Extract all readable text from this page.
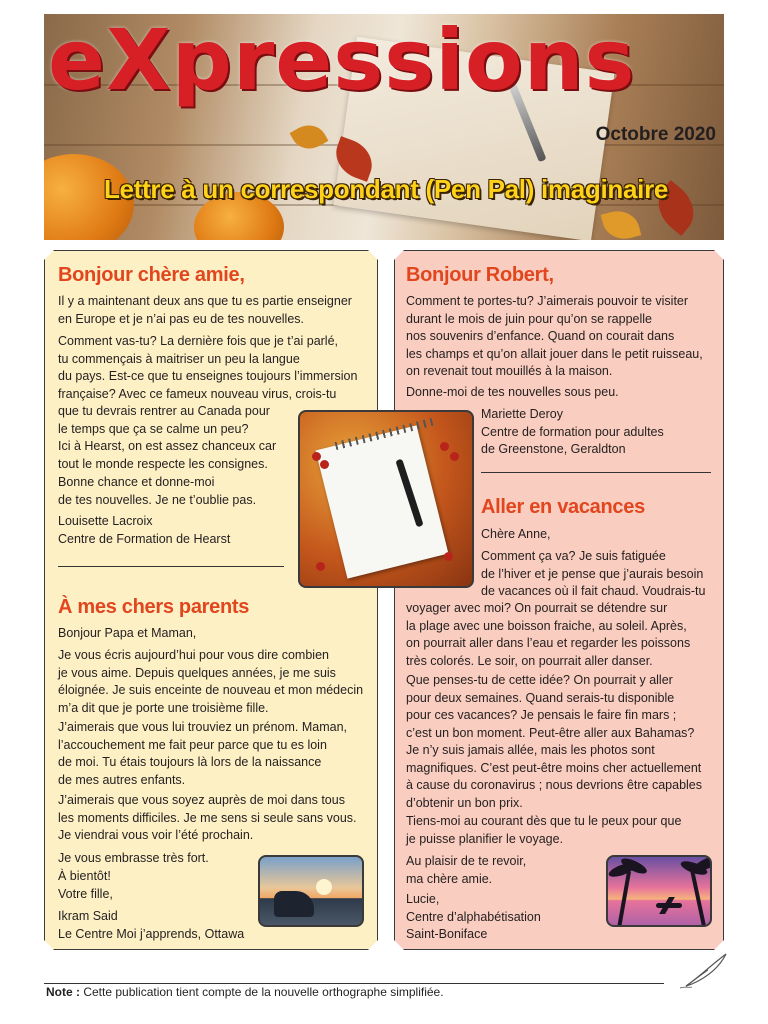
eXpressions
Octobre 2020
Lettre à un correspondant (Pen Pal) imaginaire
Bonjour chère amie,
Il y a maintenant deux ans que tu es partie enseigner
en Europe et je n’ai pas eu de tes nouvelles.
Comment vas-tu? La dernière fois que je t’ai parlé,
tu commençais à maitriser un peu la langue
du pays. Est-ce que tu enseignes toujours l’immersion
française? Avec ce fameux nouveau virus, crois-tu
que tu devrais rentrer au Canada pour
le temps que ça se calme un peu?
Ici à Hearst, on est assez chanceux car
tout le monde respecte les consignes.
Bonne chance et donne-moi
de tes nouvelles. Je ne t’oublie pas.
Louisette Lacroix
Centre de Formation de Hearst
À mes chers parents
Bonjour Papa et Maman,
Je vous écris aujourd’hui pour vous dire combien
je vous aime. Depuis quelques années, je me suis
éloignée. Je suis enceinte de nouveau et mon médecin
m’a dit que je porte une troisième fille.
J’aimerais que vous lui trouviez un prénom. Maman,
l’accouchement me fait peur parce que tu es loin
de moi. Tu étais toujours là lors de la naissance
de mes autres enfants.
J’aimerais que vous soyez auprès de moi dans tous
les moments difficiles. Je me sens si seule sans vous.
Je viendrai vous voir l’été prochain.
Je vous embrasse très fort.
À bientôt!
Votre fille,
Ikram Said
Le Centre Moi j’apprends, Ottawa
Bonjour Robert,
Comment te portes-tu? J’aimerais pouvoir te visiter
durant le mois de juin pour qu’on se rappelle
nos souvenirs d’enfance. Quand on courait dans
les champs et qu’on allait jouer dans le petit ruisseau,
on revenait tout mouillés à la maison.
Donne-moi de tes nouvelles sous peu.
Mariette Deroy
Centre de formation pour adultes
de Greenstone, Geraldton
Aller en vacances
Chère Anne,
Comment ça va? Je suis fatiguée
de l’hiver et je pense que j’aurais besoin
de vacances où il fait chaud. Voudrais-tu
voyager avec moi? On pourrait se détendre sur
la plage avec une boisson fraiche, au soleil. Après,
on pourrait aller dans l’eau et regarder les poissons
très colorés. Le soir, on pourrait aller danser.
Que penses-tu de cette idée? On pourrait y aller
pour deux semaines. Quand serais-tu disponible
pour ces vacances? Je pensais le faire fin mars ;
c’est un bon moment. Peut-être aller aux Bahamas?
Je n’y suis jamais allée, mais les photos sont
magnifiques. C’est peut-être moins cher actuellement
à cause du coronavirus ; nous devrions être capables
d’obtenir un bon prix.
Tiens-moi au courant dès que tu le peux pour que
je puisse planifier le voyage.
Au plaisir de te revoir,
ma chère amie.
Lucie,
Centre d’alphabétisation
Saint-Boniface
Note : Cette publication tient compte de la nouvelle orthographe simplifiée.
